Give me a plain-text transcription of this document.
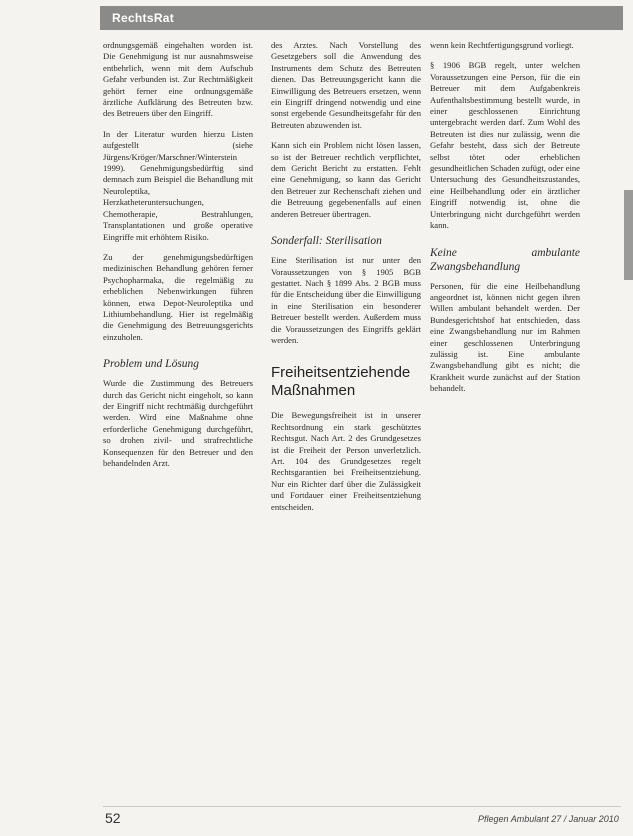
RechtsRat

ordnungsgemäß eingehalten worden ist. Die Genehmigung ist nur ausnahmsweise entbehrlich, wenn mit dem Aufschub Gefahr verbunden ist. Zur Rechtmäßigkeit gehört ferner eine ordnungsgemäße ärztliche Aufklärung des Betreuten bzw. des Betreuers über den Eingriff.

In der Literatur wurden hierzu Listen aufgestellt (siehe Jürgens/Kröger/Marschner/Winterstein 1999). Genehmigungsbedürftig sind demnach zum Beispiel die Behandlung mit Neuroleptika, Herzkatheteruntersuchungen, Chemotherapie, Bestrahlungen, Transplantationen und große operative Eingriffe mit erhöhtem Risiko.

Zu der genehmigungsbedürftigen medizinischen Behandlung gehören ferner Psychopharmaka, die regelmäßig zu erheblichen Nebenwirkungen führen können, etwa Depot-Neuroleptika und Lithiumbehandlung. Hier ist regelmäßig die Genehmigung des Betreuungsgerichts einzuholen.

Problem und Lösung

Wurde die Zustimmung des Betreuers durch das Gericht nicht eingeholt, so kann der Eingriff nicht rechtmäßig durchgeführt werden. Wird eine Maßnahme ohne erforderliche Genehmigung durchgeführt, so drohen zivil- und strafrechtliche Konsequenzen für den Betreuer und den behandelnden Arzt.

des Arztes. Nach Vorstellung des Gesetzgebers soll die Anwendung des Instruments dem Schutz des Betreuten dienen. Das Betreuungsgericht kann die Einwilligung des Betreuers ersetzen, wenn ein Eingriff dringend notwendig und eine sonst ergebende Gesundheitsgefahr für den Betreuten abzuwenden ist.

Kann sich ein Problem nicht lösen lassen, so ist der Betreuer rechtlich verpflichtet, dem Gericht Bericht zu erstatten. Fehlt eine Genehmigung, so kann das Gericht den Betreuer zur Rechenschaft ziehen und die Betreuung gegebenenfalls auf einen anderen Betreuer übertragen.

Sonderfall: Sterilisation

Eine Sterilisation ist nur unter den Voraussetzungen von § 1905 BGB gestattet. Nach § 1899 Abs. 2 BGB muss für die Entscheidung über die Einwilligung in eine Sterilisation ein besonderer Betreuer bestellt werden. Außerdem muss die Voraussetzungen des Eingriffs geklärt werden.

Freiheitsentziehende Maßnahmen

Die Bewegungsfreiheit ist in unserer Rechtsordnung ein stark geschütztes Rechtsgut. Nach Art. 2 des Grundgesetzes ist die Freiheit der Person unverletzlich. Art. 104 des Grundgesetzes regelt Rechtsgarantien bei Freiheitsentziehung. Nur ein Richter darf über die Zulässigkeit und Fortdauer einer Freiheitsentziehung entscheiden.

wenn kein Rechtfertigungsgrund vorliegt.

§ 1906 BGB regelt, unter welchen Voraussetzungen eine Person, für die ein Betreuer mit dem Aufgabenkreis Aufenthaltsbestimmung bestellt wurde, in einer geschlossenen Einrichtung untergebracht werden darf. Zum Wohl des Betreuten ist dies nur zulässig, wenn die Gefahr besteht, dass sich der Betreute selbst tötet oder erheblichen gesundheitlichen Schaden zufügt, oder eine Untersuchung des Gesundheitszustandes, eine Heilbehandlung oder ein ärztlicher Eingriff notwendig ist, ohne die Unterbringung nicht durchgeführt werden kann.

Keine ambulante Zwangsbehandlung

Personen, für die eine Heilbehandlung angeordnet ist, können nicht gegen ihren Willen ambulant behandelt werden. Der Bundesgerichtshof hat entschieden, dass eine Zwangsbehandlung nur im Rahmen einer geschlossenen Unterbringung zulässig ist. Eine ambulante Zwangsbehandlung gibt es nicht; die Krankheit wurde zunächst auf der Station behandelt.

52	Pflegen Ambulant 27 / Januar 2010
